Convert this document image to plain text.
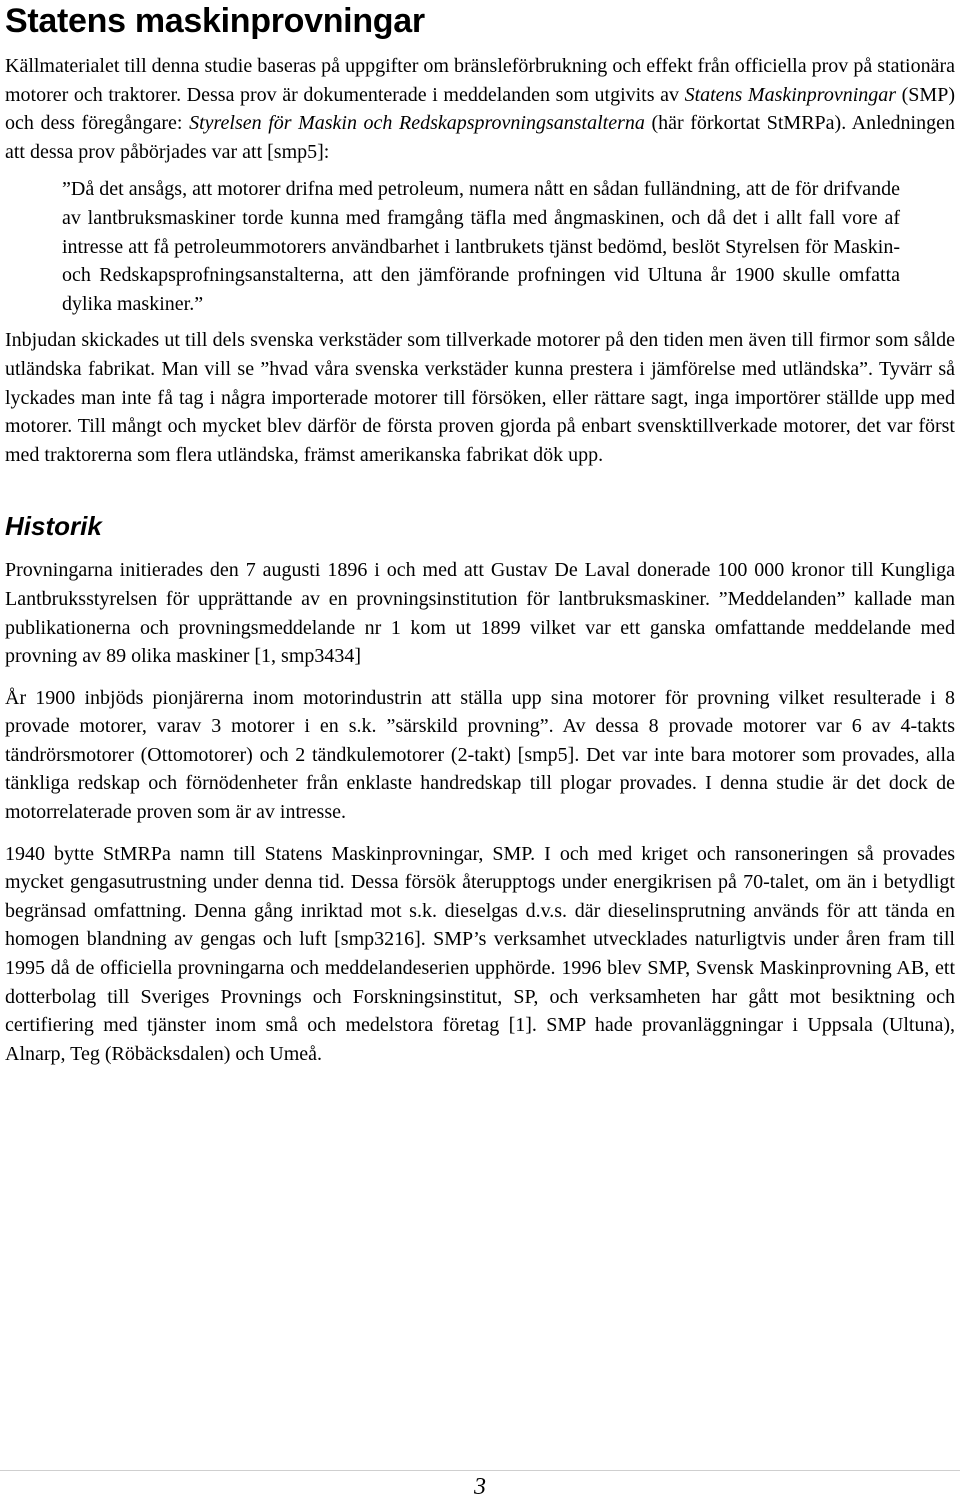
Statens maskinprovningar

Källmaterialet till denna studie baseras på uppgifter om bränsleförbrukning och effekt från officiella prov på stationära motorer och traktorer. Dessa prov är dokumenterade i meddelanden som utgivits av Statens Maskinprovningar (SMP) och dess föregångare: Styrelsen för Maskin och Redskapsprovningsanstalterna (här förkortat StMRPa). Anledningen att dessa prov påbörjades var att [smp5]:

”Då det ansågs, att motorer drifna med petroleum, numera nått en sådan fulländning, att de för drifvande av lantbruksmaskiner torde kunna med framgång täfla med ångmaskinen, och då det i allt fall vore af intresse att få petroleummotorers användbarhet i lantbrukets tjänst bedömd, beslöt Styrelsen för Maskin- och Redskapsprofningsanstalterna, att den jämförande profningen vid Ultuna år 1900 skulle omfatta dylika maskiner.”

Inbjudan skickades ut till dels svenska verkstäder som tillverkade motorer på den tiden men även till firmor som sålde utländska fabrikat. Man vill se ”hvad våra svenska verkstäder kunna prestera i jämförelse med utländska”. Tyvärr så lyckades man inte få tag i några importerade motorer till försöken, eller rättare sagt, inga importörer ställde upp med motorer. Till mångt och mycket blev därför de första proven gjorda på enbart svensktillverkade motorer, det var först med traktorerna som flera utländska, främst amerikanska fabrikat dök upp.

Historik

Provningarna initierades den 7 augusti 1896 i och med att Gustav De Laval donerade 100 000 kronor till Kungliga Lantbruksstyrelsen för upprättande av en provningsinstitution för lantbruksmaskiner. ”Meddelanden” kallade man publikationerna och provningsmeddelande nr 1 kom ut 1899 vilket var ett ganska omfattande meddelande med provning av 89 olika maskiner [1, smp3434]

År 1900 inbjöds pionjärerna inom motorindustrin att ställa upp sina motorer för provning vilket resulterade i 8 provade motorer, varav 3 motorer i en s.k. ”särskild provning”. Av dessa 8 provade motorer var 6 av 4-takts tändrörsmotorer (Ottomotorer) och 2 tändkulemotorer (2-takt) [smp5]. Det var inte bara motorer som provades, alla tänkliga redskap och förnödenheter från enklaste handredskap till plogar provades. I denna studie är det dock de motorrelaterade proven som är av intresse.

1940 bytte StMRPa namn till Statens Maskinprovningar, SMP. I och med kriget och ransoneringen så provades mycket gengasutrustning under denna tid. Dessa försök återupptogs under energikrisen på 70-talet, om än i betydligt begränsad omfattning. Denna gång inriktad mot s.k. dieselgas d.v.s. där dieselinsprutning används för att tända en homogen blandning av gengas och luft [smp3216]. SMP’s verksamhet utvecklades naturligtvis under åren fram till 1995 då de officiella provningarna och meddelandeserien upphörde. 1996 blev SMP, Svensk Maskinprovning AB, ett dotterbolag till Sveriges Provnings och Forskningsinstitut, SP, och verksamheten har gått mot besiktning och certifiering med tjänster inom små och medelstora företag [1]. SMP hade provanläggningar i Uppsala (Ultuna), Alnarp, Teg (Röbäcksdalen) och Umeå.

3
